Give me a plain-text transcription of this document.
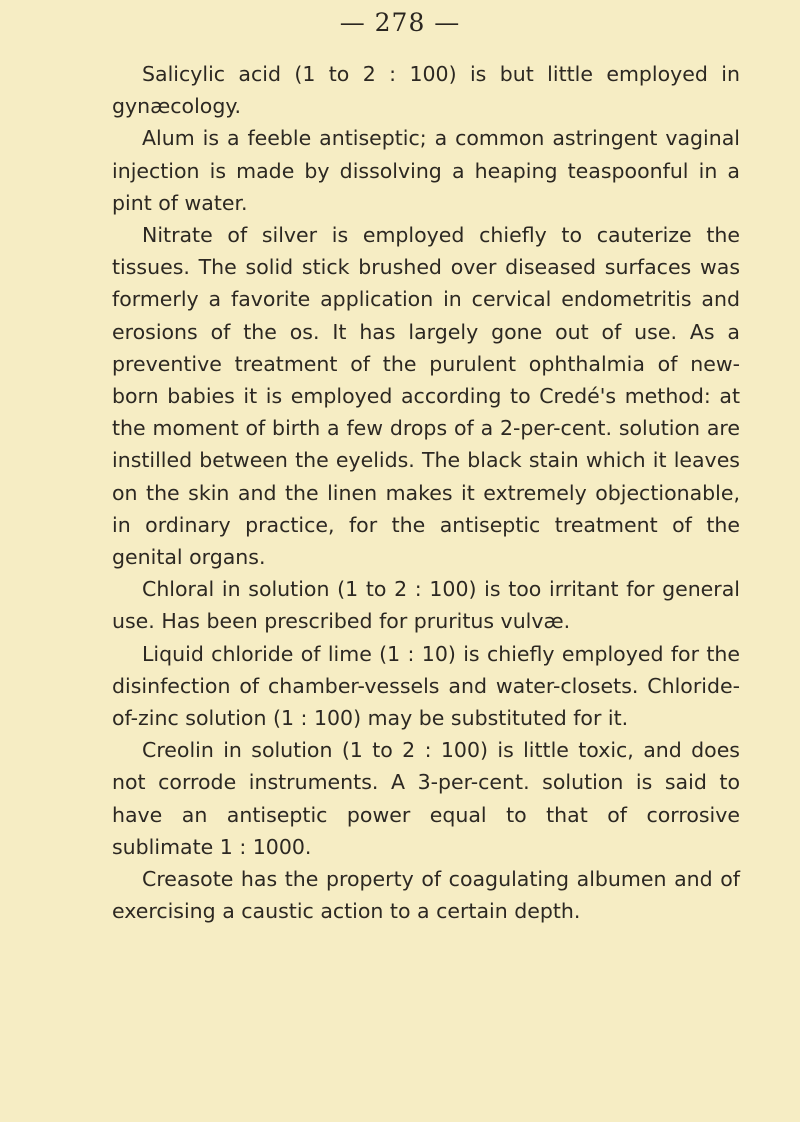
— 278 —

Salicylic acid (1 to 2 : 100) is but little employed in gynæcology.

Alum is a feeble antiseptic; a common astringent vaginal injection is made by dissolving a heaping teaspoonful in a pint of water.

Nitrate of silver is employed chiefly to cauterize the tissues. The solid stick brushed over diseased surfaces was formerly a favorite application in cervical endometritis and erosions of the os. It has largely gone out of use. As a preventive treatment of the purulent ophthalmia of new-born babies it is employed according to Credé's method: at the moment of birth a few drops of a 2-per-cent. solution are instilled between the eyelids. The black stain which it leaves on the skin and the linen makes it extremely objectionable, in ordinary practice, for the antiseptic treatment of the genital organs.

Chloral in solution (1 to 2 : 100) is too irritant for general use. Has been prescribed for pruritus vulvæ.

Liquid chloride of lime (1 : 10) is chiefly employed for the disinfection of chamber-vessels and water-closets. Chloride-of-zinc solution (1 : 100) may be substituted for it.

Creolin in solution (1 to 2 : 100) is little toxic, and does not corrode instruments. A 3-per-cent. solution is said to have an antiseptic power equal to that of corrosive sublimate 1 : 1000.

Creasote has the property of coagulating albumen and of exercising a caustic action to a certain depth.
